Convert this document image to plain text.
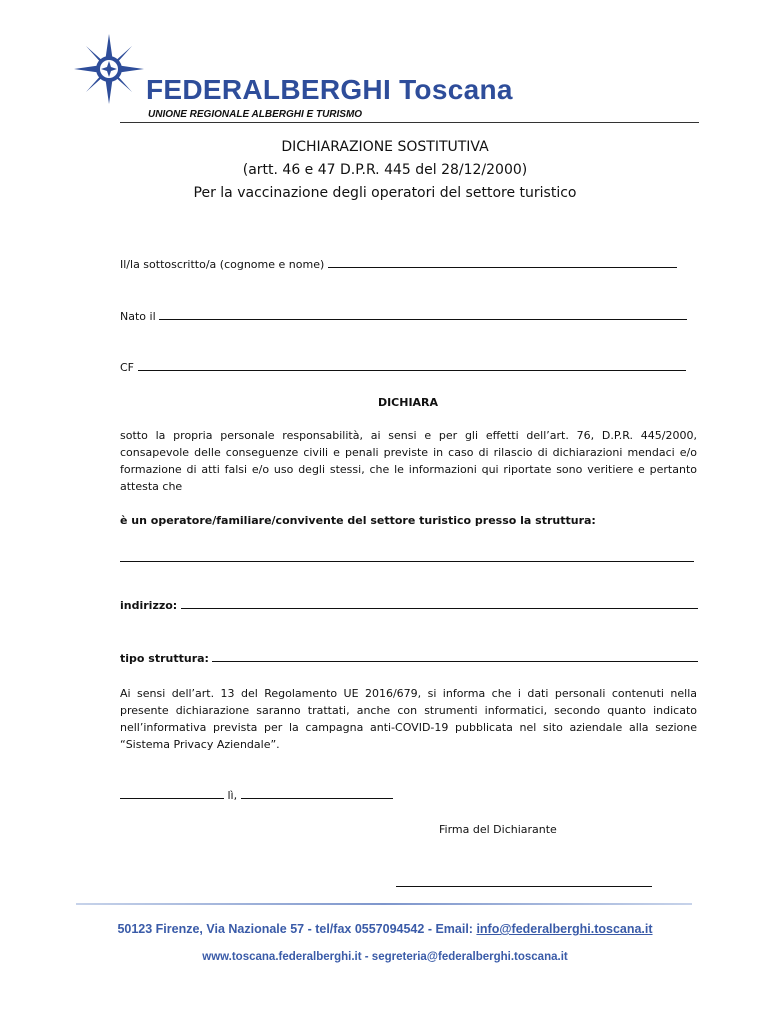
FEDERALBERGHI Toscana
UNIONE REGIONALE ALBERGHI E TURISMO
DICHIARAZIONE SOSTITUTIVA
(artt. 46 e 47 D.P.R. 445 del 28/12/2000)
Per la vaccinazione degli operatori del settore turistico
Il/la sottoscritto/a (cognome e nome)
Nato il
CF
DICHIARA

sotto la propria personale responsabilità, ai sensi e per gli effetti dell’art. 76, D.P.R. 445/2000, consapevole delle conseguenze civili e penali previste in caso di rilascio di dichiarazioni mendaci e/o formazione di atti falsi e/o uso degli stessi, che le informazioni qui riportate sono veritiere e pertanto attesta che

è un operatore/familiare/convivente del settore turistico presso la struttura:
indirizzo:
tipo struttura:

Ai sensi dell’art. 13 del Regolamento UE 2016/679, si informa che i dati personali contenuti nella presente dichiarazione saranno trattati, anche con strumenti informatici, secondo quanto indicato nell’informativa prevista per la campagna anti-COVID-19 pubblicata nel sito aziendale alla sezione “Sistema Privacy Aziendale”.

lì,
Firma del Dichiarante
50123 Firenze, Via Nazionale 57 - tel/fax 0557094542 - Email: info@federalberghi.toscana.it
www.toscana.federalberghi.it - segreteria@federalberghi.toscana.it
